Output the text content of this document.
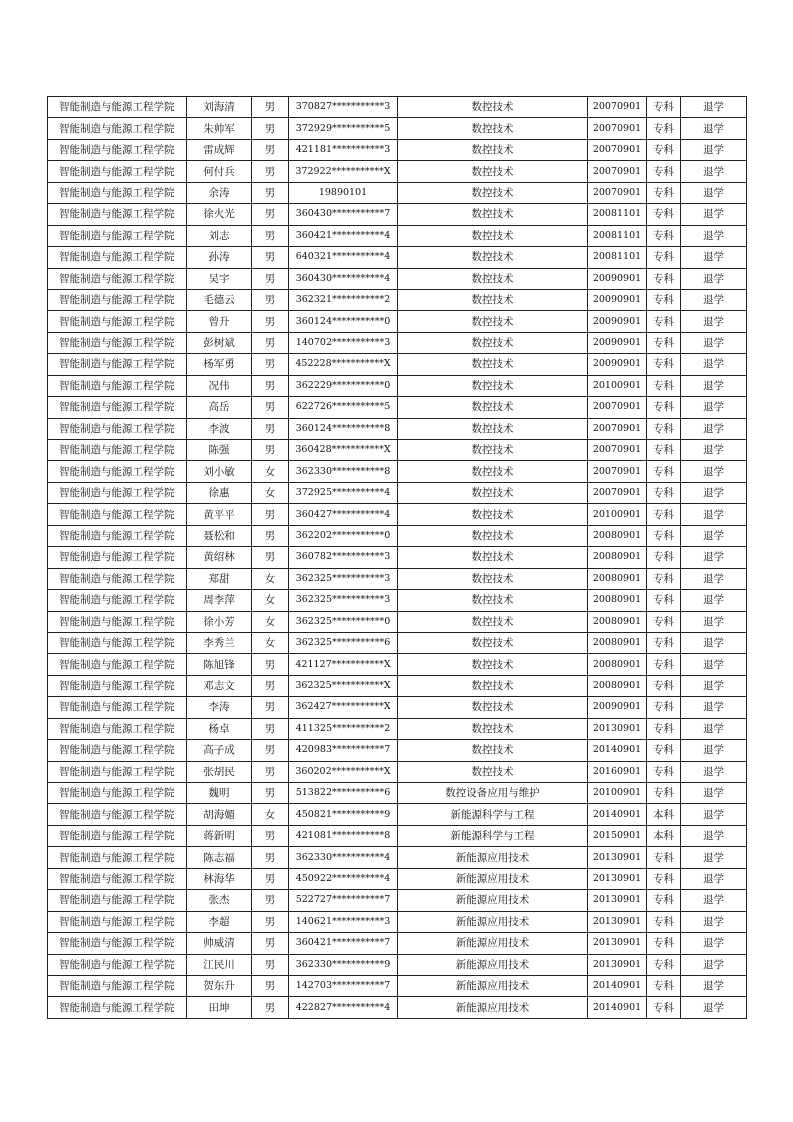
智能制造与能源工程学院	刘海清	男	370827***********3	数控技术	20070901	专科	退学
智能制造与能源工程学院	朱帅军	男	372929***********5	数控技术	20070901	专科	退学
智能制造与能源工程学院	雷成辉	男	421181***********3	数控技术	20070901	专科	退学
智能制造与能源工程学院	何付兵	男	372922***********X	数控技术	20070901	专科	退学
智能制造与能源工程学院	余涛	男	19890101	数控技术	20070901	专科	退学
智能制造与能源工程学院	徐火光	男	360430***********7	数控技术	20081101	专科	退学
智能制造与能源工程学院	刘志	男	360421***********4	数控技术	20081101	专科	退学
智能制造与能源工程学院	孙涛	男	640321***********4	数控技术	20081101	专科	退学
智能制造与能源工程学院	吴宇	男	360430***********4	数控技术	20090901	专科	退学
智能制造与能源工程学院	毛德云	男	362321***********2	数控技术	20090901	专科	退学
智能制造与能源工程学院	曾升	男	360124***********0	数控技术	20090901	专科	退学
智能制造与能源工程学院	彭树斌	男	140702***********3	数控技术	20090901	专科	退学
智能制造与能源工程学院	杨军勇	男	452228***********X	数控技术	20090901	专科	退学
智能制造与能源工程学院	况伟	男	362229***********0	数控技术	20100901	专科	退学
智能制造与能源工程学院	高岳	男	622726***********5	数控技术	20070901	专科	退学
智能制造与能源工程学院	李波	男	360124***********8	数控技术	20070901	专科	退学
智能制造与能源工程学院	陈强	男	360428***********X	数控技术	20070901	专科	退学
智能制造与能源工程学院	刘小敏	女	362330***********8	数控技术	20070901	专科	退学
智能制造与能源工程学院	徐惠	女	372925***********4	数控技术	20070901	专科	退学
智能制造与能源工程学院	黄平平	男	360427***********4	数控技术	20100901	专科	退学
智能制造与能源工程学院	聂松和	男	362202***********0	数控技术	20080901	专科	退学
智能制造与能源工程学院	黄绍林	男	360782***********3	数控技术	20080901	专科	退学
智能制造与能源工程学院	郑甜	女	362325***********3	数控技术	20080901	专科	退学
智能制造与能源工程学院	周李萍	女	362325***********3	数控技术	20080901	专科	退学
智能制造与能源工程学院	徐小芳	女	362325***********0	数控技术	20080901	专科	退学
智能制造与能源工程学院	李秀兰	女	362325***********6	数控技术	20080901	专科	退学
智能制造与能源工程学院	陈旭锋	男	421127***********X	数控技术	20080901	专科	退学
智能制造与能源工程学院	邓志文	男	362325***********X	数控技术	20080901	专科	退学
智能制造与能源工程学院	李涛	男	362427***********X	数控技术	20090901	专科	退学
智能制造与能源工程学院	杨卓	男	411325***********2	数控技术	20130901	专科	退学
智能制造与能源工程学院	高子成	男	420983***********7	数控技术	20140901	专科	退学
智能制造与能源工程学院	张胡民	男	360202***********X	数控技术	20160901	专科	退学
智能制造与能源工程学院	魏明	男	513822***********6	数控设备应用与维护	20100901	专科	退学
智能制造与能源工程学院	胡海媚	女	450821***********9	新能源科学与工程	20140901	本科	退学
智能制造与能源工程学院	蒋新明	男	421081***********8	新能源科学与工程	20150901	本科	退学
智能制造与能源工程学院	陈志福	男	362330***********4	新能源应用技术	20130901	专科	退学
智能制造与能源工程学院	林海华	男	450922***********4	新能源应用技术	20130901	专科	退学
智能制造与能源工程学院	张杰	男	522727***********7	新能源应用技术	20130901	专科	退学
智能制造与能源工程学院	李超	男	140621***********3	新能源应用技术	20130901	专科	退学
智能制造与能源工程学院	帅威清	男	360421***********7	新能源应用技术	20130901	专科	退学
智能制造与能源工程学院	江民川	男	362330***********9	新能源应用技术	20130901	专科	退学
智能制造与能源工程学院	贺东升	男	142703***********7	新能源应用技术	20140901	专科	退学
智能制造与能源工程学院	田坤	男	422827***********4	新能源应用技术	20140901	专科	退学
